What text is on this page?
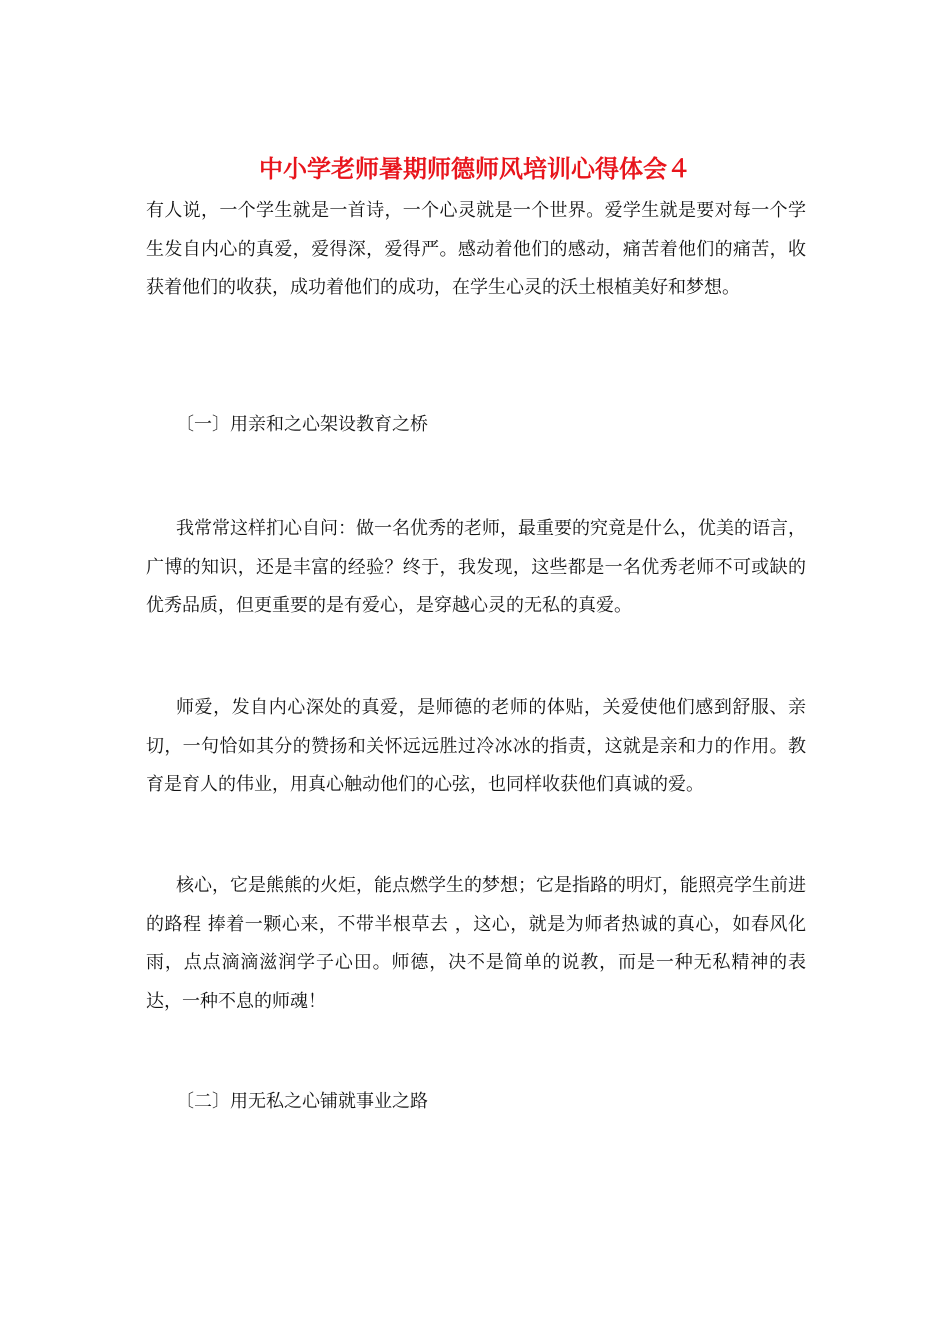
中小学老师暑期师德师风培训心得体会４

有人说，一个学生就是一首诗，一个心灵就是一个世界。爱学生就是要对每一个学生发自内心的真爱，爱得深，爱得严。感动着他们的感动，痛苦着他们的痛苦，收获着他们的收获，成功着他们的成功，在学生心灵的沃土根植美好和梦想。

〔一〕用亲和之心架设教育之桥

我常常这样扪心自问：做一名优秀的老师，最重要的究竟是什么，优美的语言，广博的知识，还是丰富的经验？终于，我发现，这些都是一名优秀老师不可或缺的优秀品质，但更重要的是有爱心，是穿越心灵的无私的真爱。

师爱，发自内心深处的真爱，是师德的老师的体贴，关爱使他们感到舒服、亲切，一句恰如其分的赞扬和关怀远远胜过冷冰冰的指责，这就是亲和力的作用。教育是育人的伟业，用真心触动他们的心弦，也同样收获他们真诚的爱。

核心，它是熊熊的火炬，能点燃学生的梦想；它是指路的明灯，能照亮学生前进的路程 捧着一颗心来，不带半根草去 ，这心，就是为师者热诚的真心，如春风化雨，点点滴滴滋润学子心田。师德，决不是简单的说教，而是一种无私精神的表达，一种不息的师魂！

〔二〕用无私之心铺就事业之路
